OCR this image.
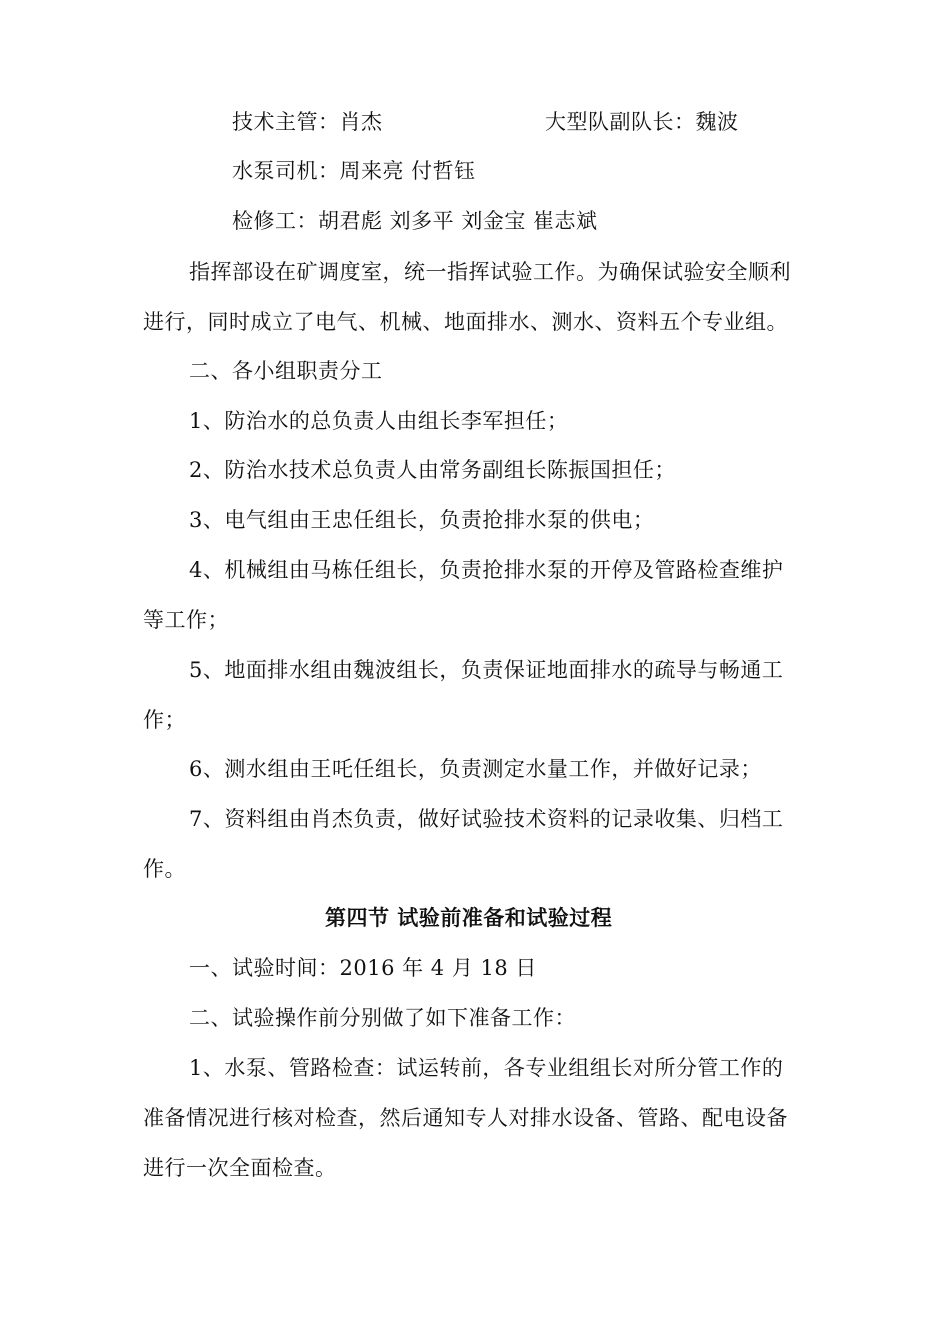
技术主管：肖杰	大型队副队长：魏波
水泵司机：周来亮 付哲钰
检修工：胡君彪 刘多平 刘金宝 崔志斌
指挥部设在矿调度室，统一指挥试验工作。为确保试验安全顺利
进行，同时成立了电气、机械、地面排水、测水、资料五个专业组。
二、各小组职责分工
1、防治水的总负责人由组长李军担任；
2、防治水技术总负责人由常务副组长陈振国担任；
3、电气组由王忠任组长，负责抢排水泵的供电；
4、机械组由马栋任组长，负责抢排水泵的开停及管路检查维护
等工作；
5、地面排水组由魏波组长，负责保证地面排水的疏导与畅通工
作；
6、测水组由王吒任组长，负责测定水量工作，并做好记录；
7、资料组由肖杰负责，做好试验技术资料的记录收集、归档工
作。
第四节 试验前准备和试验过程
一、试验时间：2016 年 4 月 18 日
二、试验操作前分别做了如下准备工作：
1、水泵、管路检查：试运转前，各专业组组长对所分管工作的
准备情况进行核对检查，然后通知专人对排水设备、管路、配电设备
进行一次全面检查。
